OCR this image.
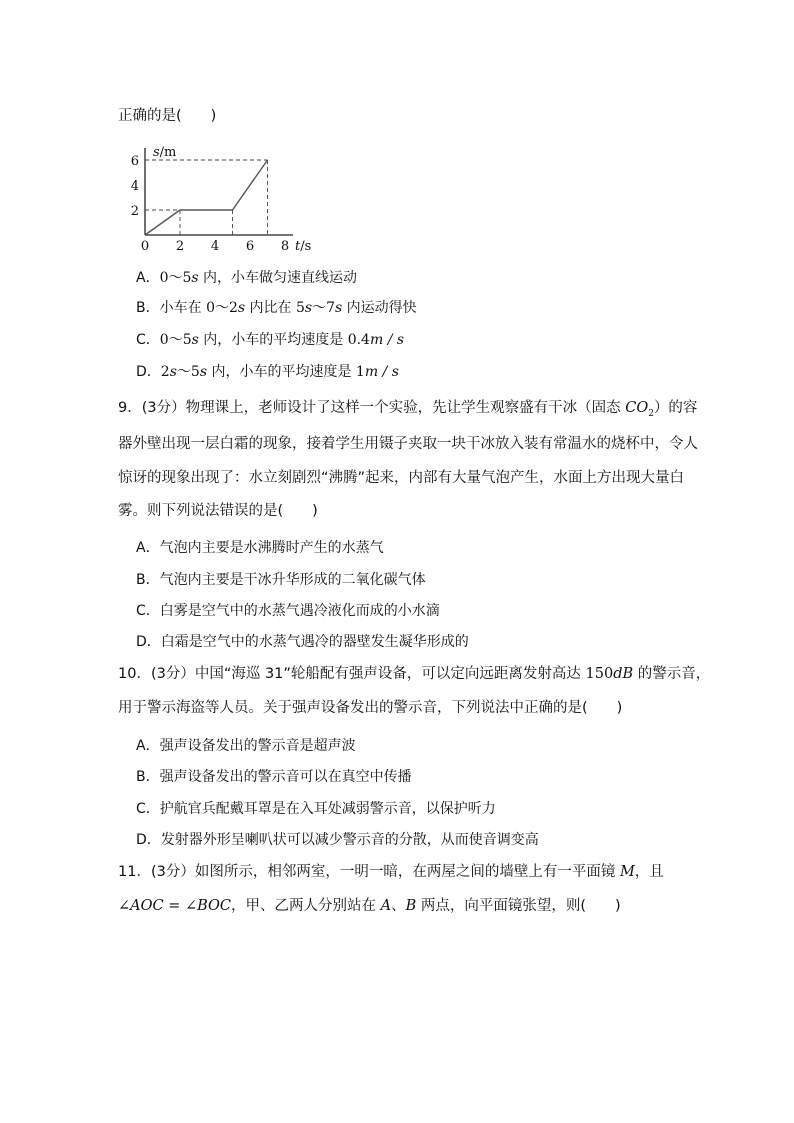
正确的是(　　)
0 2 4 6 8
6
4
2
s/m
t/s
A．0～5s 内，小车做匀速直线运动
B．小车在 0～2s 内比在 5s～7s 内运动得快
C．0～5s 内，小车的平均速度是 0.4m / s
D．2s～5s 内，小车的平均速度是 1m / s
9．(3分）物理课上，老师设计了这样一个实验，先让学生观察盛有干冰（固态 $CO_2$）的容
器外壁出现一层白霜的现象，接着学生用镊子夹取一块干冰放入装有常温水的烧杯中，令人
惊讶的现象出现了：水立刻剧烈“沸腾”起来，内部有大量气泡产生，水面上方出现大量白
雾。则下列说法错误的是(　　)
A．气泡内主要是水沸腾时产生的水蒸气
B．气泡内主要是干冰升华形成的二氧化碳气体
C．白雾是空气中的水蒸气遇冷液化而成的小水滴
D．白霜是空气中的水蒸气遇冷的器壁发生凝华形成的
10．(3分）中国“海巡 31”轮船配有强声设备，可以定向远距离发射高达 150dB 的警示音，
用于警示海盗等人员。关于强声设备发出的警示音，下列说法中正确的是(　　)
A．强声设备发出的警示音是超声波
B．强声设备发出的警示音可以在真空中传播
C．护航官兵配戴耳罩是在入耳处减弱警示音，以保护听力
D．发射器外形呈喇叭状可以减少警示音的分散，从而使音调变高
11．(3分）如图所示，相邻两室，一明一暗，在两屋之间的墙壁上有一平面镜 M，且
∠AOC = ∠BOC，甲、乙两人分别站在 A、B 两点，向平面镜张望，则(　　)
